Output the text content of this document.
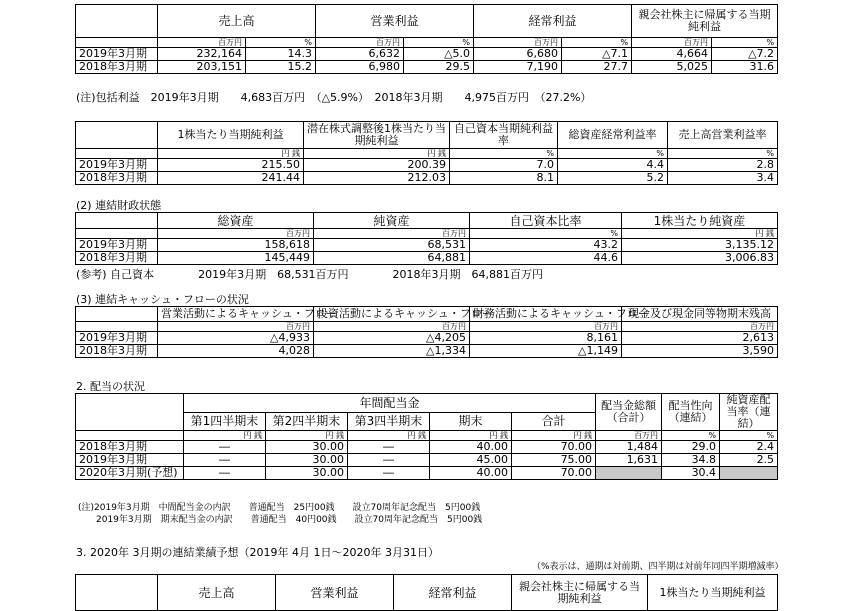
	売上高		営業利益		経常利益		親会社株主に帰属する当期純利益	
	百万円	%	百万円	%	百万円	%	百万円	%
2019年3月期	232,164	14.3	6,632	△5.0	6,680	△7.1	4,664	△7.2
2018年3月期	203,151	15.2	6,980	29.5	7,190	27.7	5,025	31.6
(注)包括利益　2019年3月期　　4,683百万円　（△5.9%）　2018年3月期　　4,975百万円　（27.2%）
	1株当たり当期純利益	潜在株式調整後1株当たり当期純利益	自己資本当期純利益率	総資産経常利益率	売上高営業利益率
	円 銭	円 銭	%	%	%
2019年3月期	215.50	200.39	7.0	4.4	2.8
2018年3月期	241.44	212.03	8.1	5.2	3.4
(2) 連結財政状態
	総資産	純資産	自己資本比率	1株当たり純資産
	百万円	百万円	%	円 銭
2019年3月期	158,618	68,531	43.2	3,135.12
2018年3月期	145,449	64,881	44.6	3,006.83
(参考) 自己資本　　　　2019年3月期　68,531百万円　　　　2018年3月期　64,881百万円
(3) 連結キャッシュ・フローの状況
	営業活動によるキャッシュ・フロー	投資活動によるキャッシュ・フロー	財務活動によるキャッシュ・フロー	現金及び現金同等物期末残高
	百万円	百万円	百万円	百万円
2019年3月期	△4,933	△4,205	8,161	2,613
2018年3月期	4,028	△1,334	△1,149	3,590
2. 配当の状況
	年間配当金					配当金総額（合計）	配当性向（連結）	純資産配当率（連結）
	第1四半期末	第2四半期末	第3四半期末	期末	合計			
	円 銭	円 銭	円 銭	円 銭	円 銭	百万円	%	%
2018年3月期	―	30.00	―	40.00	70.00	1,484	29.0	2.4
2019年3月期	―	30.00	―	45.00	75.00	1,631	34.8	2.5
2020年3月期(予想)	―	30.00	―	40.00	70.00		30.4	
(注)2019年3月期　中間配当金の内訳　　普通配当　25円00銭　　設立70周年記念配当　5円00銭
　　2019年3月期　期末配当金の内訳　　普通配当　40円00銭　　設立70周年記念配当　5円00銭
3. 2020年 3月期の連結業績予想（2019年 4月 1日～2020年 3月31日）
（%表示は、通期は対前期、四半期は対前年同四半期増減率）
	売上高	営業利益	経常利益	親会社株主に帰属する当期純利益	1株当たり当期純利益
